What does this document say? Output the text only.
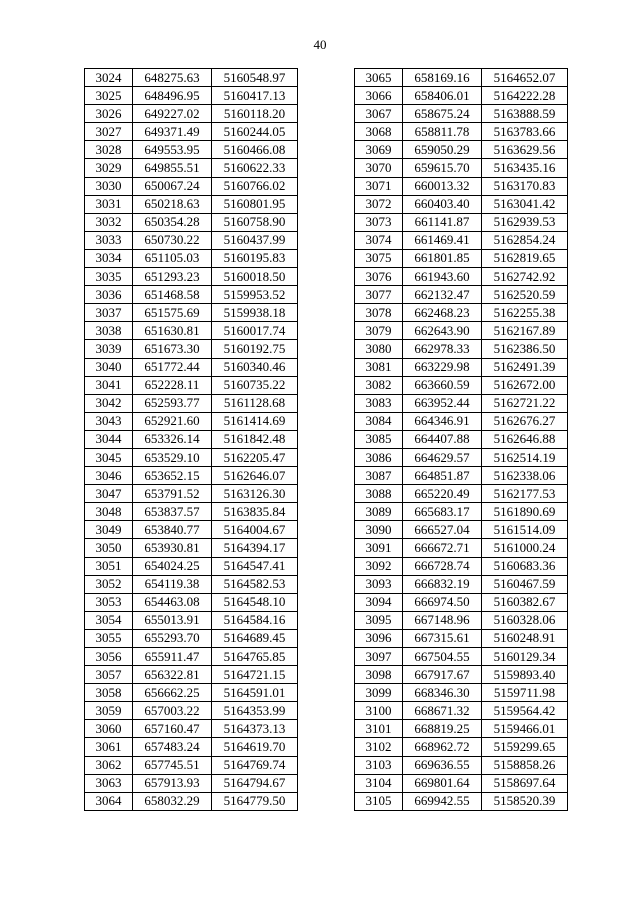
40
3024	648275.63	5160548.97
3025	648496.95	5160417.13
3026	649227.02	5160118.20
3027	649371.49	5160244.05
3028	649553.95	5160466.08
3029	649855.51	5160622.33
3030	650067.24	5160766.02
3031	650218.63	5160801.95
3032	650354.28	5160758.90
3033	650730.22	5160437.99
3034	651105.03	5160195.83
3035	651293.23	5160018.50
3036	651468.58	5159953.52
3037	651575.69	5159938.18
3038	651630.81	5160017.74
3039	651673.30	5160192.75
3040	651772.44	5160340.46
3041	652228.11	5160735.22
3042	652593.77	5161128.68
3043	652921.60	5161414.69
3044	653326.14	5161842.48
3045	653529.10	5162205.47
3046	653652.15	5162646.07
3047	653791.52	5163126.30
3048	653837.57	5163835.84
3049	653840.77	5164004.67
3050	653930.81	5164394.17
3051	654024.25	5164547.41
3052	654119.38	5164582.53
3053	654463.08	5164548.10
3054	655013.91	5164584.16
3055	655293.70	5164689.45
3056	655911.47	5164765.85
3057	656322.81	5164721.15
3058	656662.25	5164591.01
3059	657003.22	5164353.99
3060	657160.47	5164373.13
3061	657483.24	5164619.70
3062	657745.51	5164769.74
3063	657913.93	5164794.67
3064	658032.29	5164779.50
3065	658169.16	5164652.07
3066	658406.01	5164222.28
3067	658675.24	5163888.59
3068	658811.78	5163783.66
3069	659050.29	5163629.56
3070	659615.70	5163435.16
3071	660013.32	5163170.83
3072	660403.40	5163041.42
3073	661141.87	5162939.53
3074	661469.41	5162854.24
3075	661801.85	5162819.65
3076	661943.60	5162742.92
3077	662132.47	5162520.59
3078	662468.23	5162255.38
3079	662643.90	5162167.89
3080	662978.33	5162386.50
3081	663229.98	5162491.39
3082	663660.59	5162672.00
3083	663952.44	5162721.22
3084	664346.91	5162676.27
3085	664407.88	5162646.88
3086	664629.57	5162514.19
3087	664851.87	5162338.06
3088	665220.49	5162177.53
3089	665683.17	5161890.69
3090	666527.04	5161514.09
3091	666672.71	5161000.24
3092	666728.74	5160683.36
3093	666832.19	5160467.59
3094	666974.50	5160382.67
3095	667148.96	5160328.06
3096	667315.61	5160248.91
3097	667504.55	5160129.34
3098	667917.67	5159893.40
3099	668346.30	5159711.98
3100	668671.32	5159564.42
3101	668819.25	5159466.01
3102	668962.72	5159299.65
3103	669636.55	5158858.26
3104	669801.64	5158697.64
3105	669942.55	5158520.39
